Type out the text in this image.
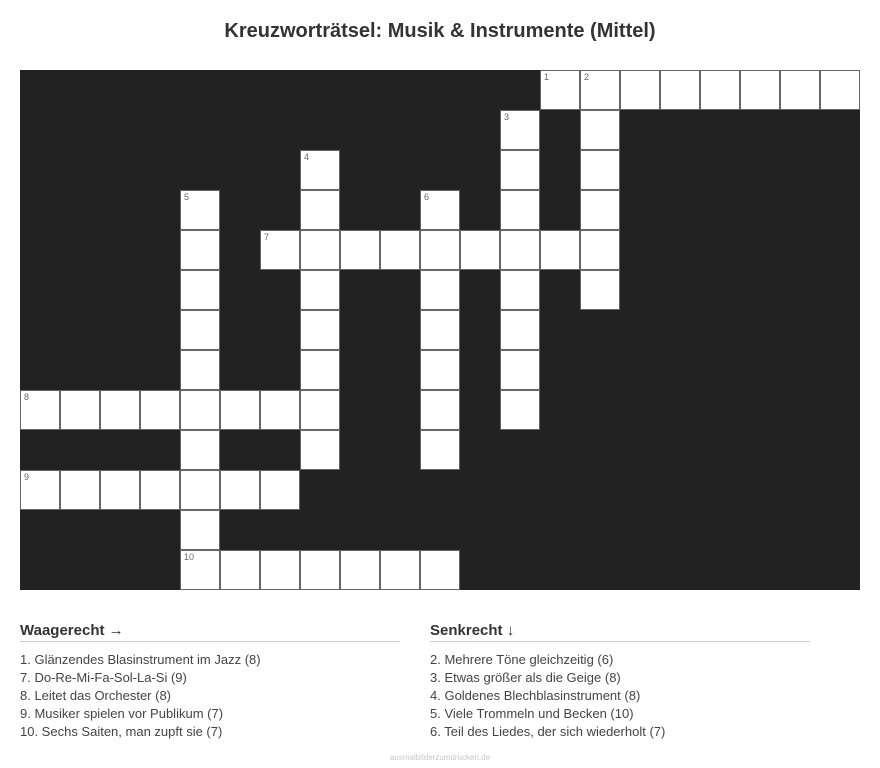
Kreuzworträtsel: Musik & Instrumente (Mittel)
1	2
3
4
5	6
7
8
9
10
Waagerecht →
1. Glänzendes Blasinstrument im Jazz (8)
7. Do-Re-Mi-Fa-Sol-La-Si (9)
8. Leitet das Orchester (8)
9. Musiker spielen vor Publikum (7)
10. Sechs Saiten, man zupft sie (7)
Senkrecht ↓
2. Mehrere Töne gleichzeitig (6)
3. Etwas größer als die Geige (8)
4. Goldenes Blechblasinstrument (8)
5. Viele Trommeln und Becken (10)
6. Teil des Liedes, der sich wiederholt (7)
ausmalbilderzumdrucken.de
